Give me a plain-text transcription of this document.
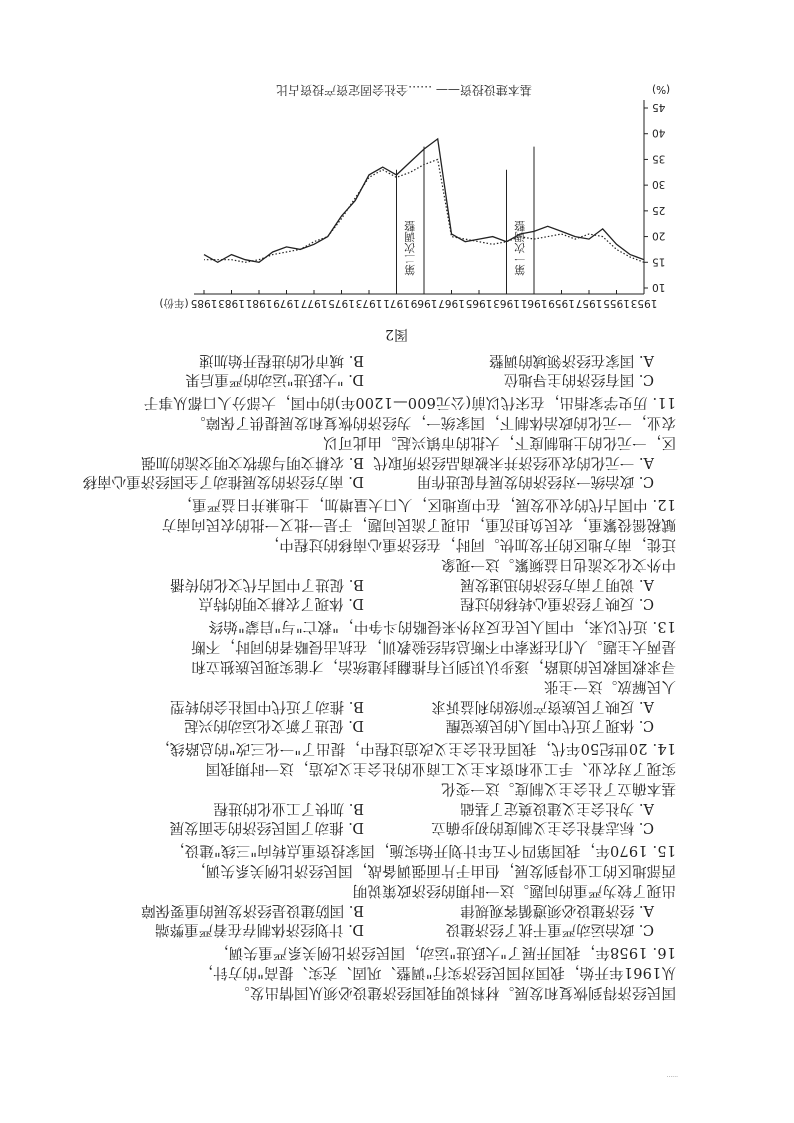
......
第一次调整
第二次调整
10
15
20
25
30
35
40
45
(%)
1953
1955
1957
1959
1961
1963
1965
1967
1969
1971
1973
1975
1977
1979
1981
1983
1985
(年份)
基本建设投资—— ……全社会固定资产投资占比
图2
A. 国家在经济领域的调整
B. 城市化的进程开始加速
C. 国有经济的主导地位
D. "大跃进"运动的严重后果
11. 历史学家指出，在宋代以前(公元600—1200年)的中国，大部分人口都从事于
农业，一元化的政治体制下，国家统一，为经济的恢复和发展提供了保障。
区，一元化的土地制度下，大批的市镇兴起。由此可以
A. 一元化的农业经济并未被商品经济所取代
B. 农耕文明与游牧文明交流的加强
C. 政治统一对经济的发展有促进作用
D. 南方经济的发展推动了全国经济重心南移
12. 中国古代的农业发展，在中原地区，人口大量增加，土地兼并日益严重，
赋税徭役繁重，农民负担沉重，出现了流民问题，于是一批又一批的农民向南方
迁徙，南方地区的开发加快。同时，在经济重心南移的过程中，
中外文化交流也日益频繁。这一现象
A. 说明了南方经济的迅速发展
B. 促进了中国古代文化的传播
C. 反映了经济重心转移的过程
D. 体现了农耕文明的特点
13. 近代以来，中国人民在反对外来侵略的斗争中，"救亡"与"启蒙"始终
是两大主题。人们在探索中不断总结经验教训，在抗击侵略者的同时，不断
寻求救国救民的道路，逐步认识到只有推翻封建统治，才能实现民族独立和
人民解放。这一主张
A. 反映了民族资产阶级的利益诉求
B. 推动了近代中国社会的转型
C. 体现了近代中国人的民族觉醒
D. 促进了新文化运动的兴起
14. 20世纪50年代，我国在社会主义改造过程中，提出了"一化三改"的总路线，
实现了对农业、手工业和资本主义工商业的社会主义改造，这一时期我国
基本确立了社会主义制度。这一变化
A. 为社会主义建设奠定了基础
B. 加快了工业化的进程
C. 标志着社会主义制度的初步确立
D. 推动了国民经济的全面发展
15. 1970年，我国第四个五年计划开始实施，国家投资重点转向"三线"建设，
西部地区的工业得到发展，但由于片面强调备战，国民经济比例关系失调，
出现了较为严重的问题。这一时期的经济政策说明
A. 经济建设必须遵循客观规律
B. 国防建设是经济发展的重要保障
C. 政治运动严重干扰了经济建设
D. 计划经济体制存在着严重弊端
16. 1958年，我国开展了"大跃进"运动，国民经济比例关系严重失调，
从1961年开始，我国对国民经济实行"调整、巩固、充实、提高"的方针，
国民经济得到恢复和发展。材料说明我国经济建设必须从国情出发。
